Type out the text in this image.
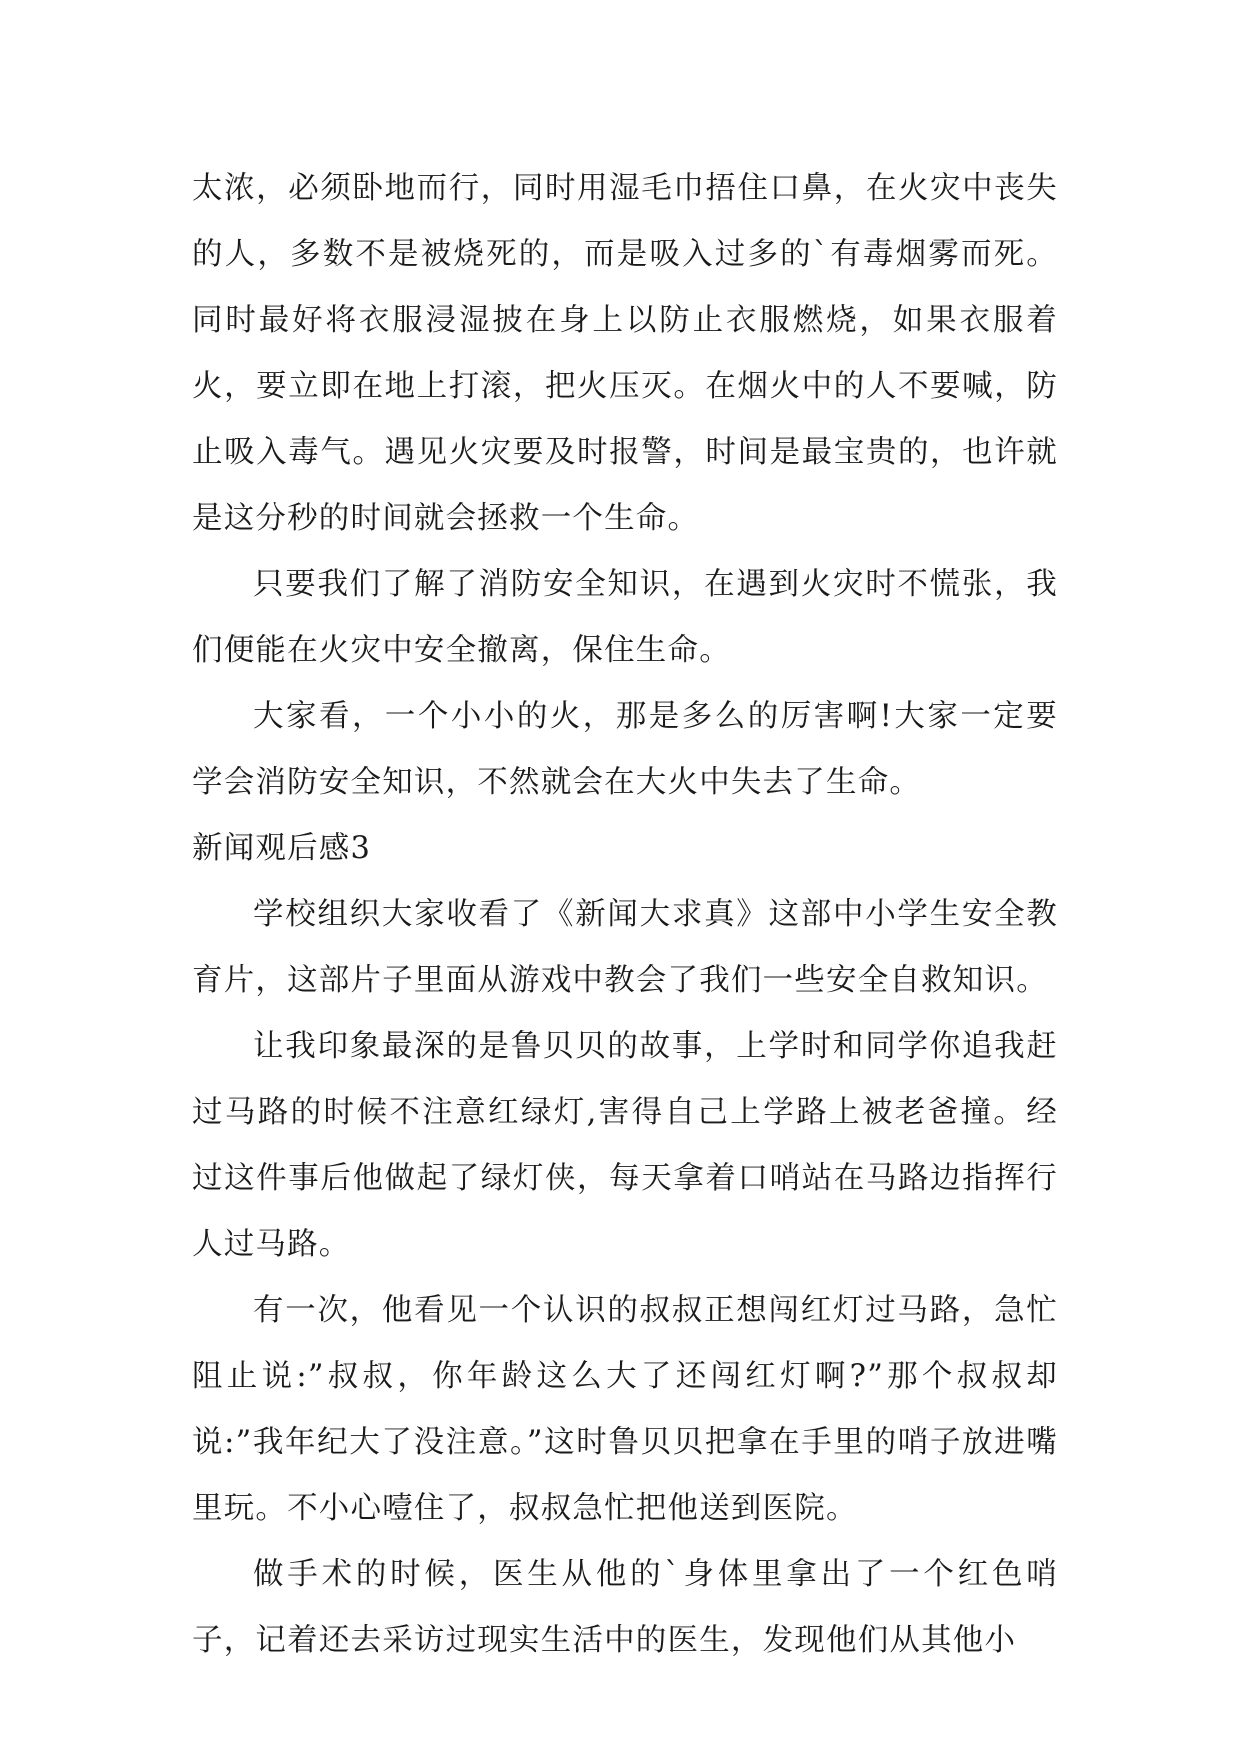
太浓，必须卧地而行，同时用湿毛巾捂住口鼻，在火灾中丧失的人，多数不是被烧死的，而是吸入过多的`有毒烟雾而死。同时最好将衣服浸湿披在身上以防止衣服燃烧，如果衣服着火，要立即在地上打滚，把火压灭。在烟火中的人不要喊，防止吸入毒气。遇见火灾要及时报警，时间是最宝贵的，也许就是这分秒的时间就会拯救一个生命。

只要我们了解了消防安全知识，在遇到火灾时不慌张，我们便能在火灾中安全撤离，保住生命。

大家看，一个小小的火，那是多么的厉害啊!大家一定要学会消防安全知识，不然就会在大火中失去了生命。

新闻观后感3

学校组织大家收看了《新闻大求真》这部中小学生安全教育片，这部片子里面从游戏中教会了我们一些安全自救知识。

让我印象最深的是鲁贝贝的故事，上学时和同学你追我赶过马路的时候不注意红绿灯,害得自己上学路上被老爸撞。经过这件事后他做起了绿灯侠，每天拿着口哨站在马路边指挥行人过马路。

有一次，他看见一个认识的叔叔正想闯红灯过马路，急忙阻止说:”叔叔，你年龄这么大了还闯红灯啊?”那个叔叔却说:”我年纪大了没注意。”这时鲁贝贝把拿在手里的哨子放进嘴里玩。不小心噎住了，叔叔急忙把他送到医院。

做手术的时候，医生从他的`身体里拿出了一个红色哨子，记着还去采访过现实生活中的医生，发现他们从其他小
